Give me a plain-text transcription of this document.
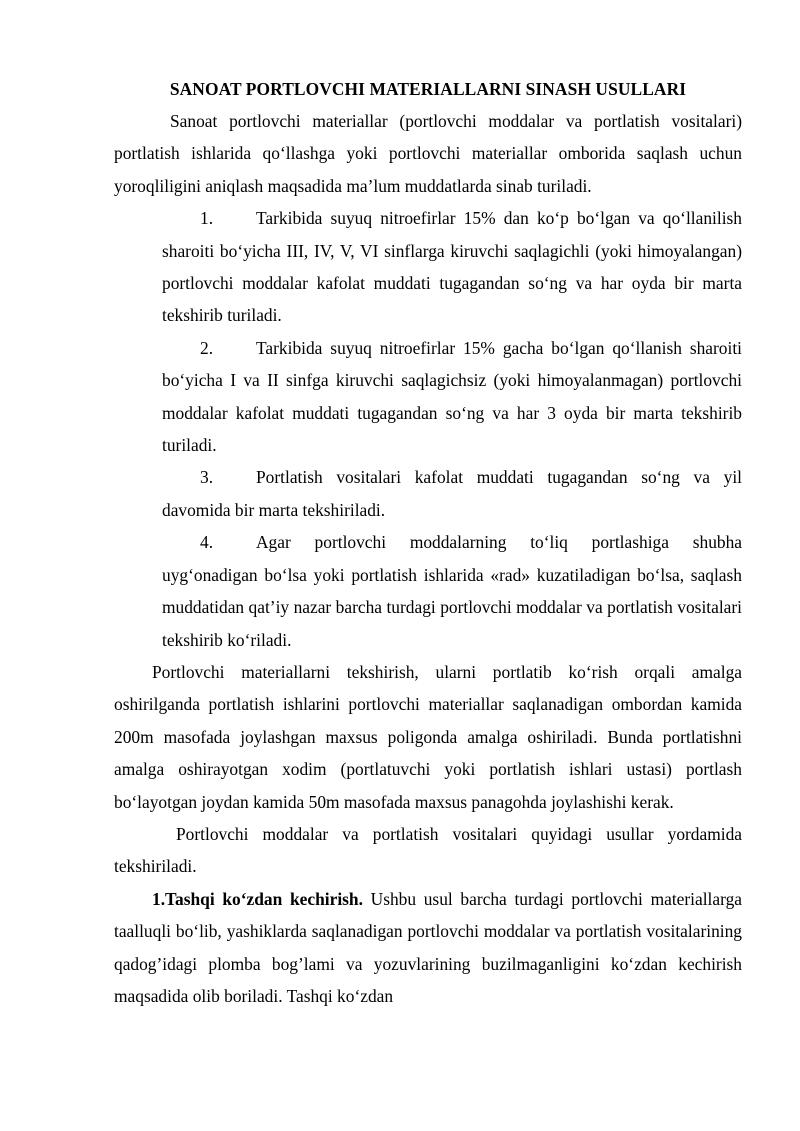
SANOAT PORTLOVCHI MATERIALLARNI SINASH USULLARI

Sanoat portlovchi materiallar (portlovchi moddalar va portlatish vositalari) portlatish ishlarida qo‘llashga yoki portlovchi materiallar omborida saqlash uchun yoroqliligini aniqlash maqsadida ma’lum muddatlarda sinab turiladi.

1. Tarkibida suyuq nitroefirlar 15% dan ko‘p bo‘lgan va qo‘llanilish sharoiti bo‘yicha III, IV, V, VI sinflarga kiruvchi saqlagichli (yoki himoyalangan) portlovchi moddalar kafolat muddati tugagandan so‘ng va har oyda bir marta tekshirib turiladi.

2. Tarkibida suyuq nitroefirlar 15% gacha bo‘lgan qo‘llanish sharoiti bo‘yicha I va II sinfga kiruvchi saqlagichsiz (yoki himoyalanmagan) portlovchi moddalar kafolat muddati tugagandan so‘ng va har 3 oyda bir marta tekshirib turiladi.

3. Portlatish vositalari kafolat muddati tugagandan so‘ng va yil davomida bir marta tekshiriladi.

4. Agar portlovchi moddalarning to‘liq portlashiga shubha uyg‘onadigan bo‘lsa yoki portlatish ishlarida «rad» kuzatiladigan bo‘lsa, saqlash muddatidan qat’iy nazar barcha turdagi portlovchi moddalar va portlatish vositalari tekshirib ko‘riladi.

Portlovchi materiallarni tekshirish, ularni portlatib ko‘rish orqali amalga oshirilganda portlatish ishlarini portlovchi materiallar saqlanadigan ombordan kamida 200m masofada joylashgan maxsus poligonda amalga oshiriladi. Bunda portlatishni amalga oshirayotgan xodim (portlatuvchi yoki portlatish ishlari ustasi) portlash bo‘layotgan joydan kamida 50m masofada maxsus panagohda joylashishi kerak.

Portlovchi moddalar va portlatish vositalari quyidagi usullar yordamida tekshiriladi.

1.Tashqi ko‘zdan kechirish. Ushbu usul barcha turdagi portlovchi materiallarga taalluqli bo‘lib, yashiklarda saqlanadigan portlovchi moddalar va portlatish vositalarining qadog’idagi plomba bog’lami va yozuvlarining buzilmaganligini ko‘zdan kechirish maqsadida olib boriladi. Tashqi ko‘zdan
